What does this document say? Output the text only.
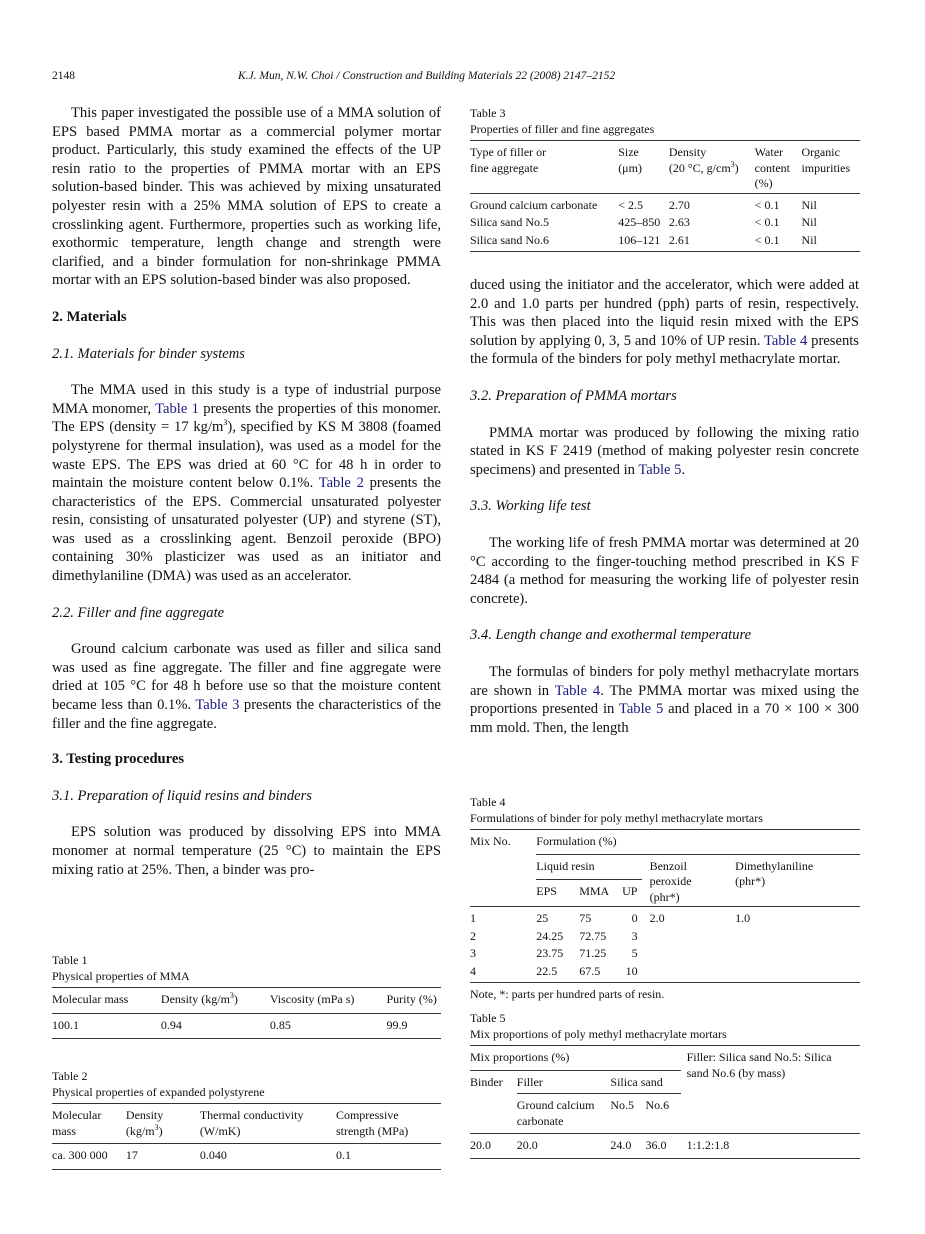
2148	K.J. Mun, N.W. Choi / Construction and Building Materials 22 (2008) 2147–2152

This paper investigated the possible use of a MMA solution of EPS based PMMA mortar as a commercial polymer mortar product. Particularly, this study examined the effects of the UP resin ratio to the properties of PMMA mortar with an EPS solution-based binder. This was achieved by mixing unsaturated polyester resin with a 25% MMA solution of EPS to create a crosslinking agent. Furthermore, properties such as working life, exothormic temperature, length change and strength were clarified, and a binder formulation for non-shrinkage PMMA mortar with an EPS solution-based binder was also proposed.

2. Materials
2.1. Materials for binder systems

The MMA used in this study is a type of industrial purpose MMA monomer, Table 1 presents the properties of this monomer. The EPS (density = 17 $kg/m^3$), specified by KS M 3808 (foamed polystyrene for thermal insulation), was used as a model for the waste EPS. The EPS was dried at 60 °C for 48 h in order to maintain the moisture content below 0.1%. Table 2 presents the characteristics of the EPS. Commercial unsaturated polyester resin, consisting of unsaturated polyester (UP) and styrene (ST), was used as a crosslinking agent. Benzoil peroxide (BPO) containing 30% plasticizer was used as an initiator and dimethylaniline (DMA) was used as an accelerator.

2.2. Filler and fine aggregate

Ground calcium carbonate was used as filler and silica sand was used as fine aggregate. The filler and fine aggregate were dried at 105 °C for 48 h before use so that the moisture content became less than 0.1%. Table 3 presents the characteristics of the filler and the fine aggregate.

3. Testing procedures
3.1. Preparation of liquid resins and binders

EPS solution was produced by dissolving EPS into MMA monomer at normal temperature (25 °C) to maintain the EPS mixing ratio at 25%. Then, a binder was pro-

duced using the initiator and the accelerator, which were added at 2.0 and 1.0 parts per hundred (pph) parts of resin, respectively. This was then placed into the liquid resin mixed with the EPS solution by applying 0, 3, 5 and 10% of UP resin. Table 4 presents the formula of the binders for poly methyl methacrylate mortar.

3.2. Preparation of PMMA mortars

PMMA mortar was produced by following the mixing ratio stated in KS F 2419 (method of making polyester resin concrete specimens) and presented in Table 5.

3.3. Working life test

The working life of fresh PMMA mortar was determined at 20 °C according to the finger-touching method prescribed in KS F 2484 (a method for measuring the working life of polyester resin concrete).

3.4. Length change and exothermal temperature

The formulas of binders for poly methyl methacrylate mortars are shown in Table 4. The PMMA mortar was mixed using the proportions presented in Table 5 and placed in a 70 × 100 × 300 mm mold. Then, the length

Table 1

Physical properties of MMA

Molecular mass	Density $(kg/m^3)$	Viscosity (mPa s)	Purity (%)
100.1	0.94	0.85	99.9

Table 2

Physical properties of expanded polystyrene

Molecular
mass	Density
$(kg/m^3)$	Thermal conductivity
(W/mK)	Compressive
strength (MPa)
ca. 300 000	17	0.040	0.1

Table 3

Properties of filler and fine aggregates

Type of filler or
fine aggregate	Size
(μm)	Density
(20 °C, $g/cm^3$)	Water
content
(%)	Organic
impurities
Ground calcium carbonate	< 2.5	2.70	< 0.1	Nil
Silica sand No.5	425–850	2.63	< 0.1	Nil
Silica sand No.6	106–121	2.61	< 0.1	Nil

Table 4

Formulations of binder for poly methyl methacrylate mortars

Mix No.	Formulation (%)				
	Liquid resin			Benzoil peroxide
(phr*)	Dimethylaniline
(phr*)
	EPS	MMA	UP		
1	25	75	0	2.0	1.0
2	24.25	72.75	3		
3	23.75	71.25	5		
4	22.5	67.5	10		

Note, *: parts per hundred parts of resin.

Table 5

Mix proportions of poly methyl methacrylate mortars

Mix proportions (%)				Filler: Silica sand No.5: Silica sand No.6 (by mass)
Binder	Filler	Silica sand		
	Ground calcium carbonate	No.5	No.6	
20.0	20.0	24.0	36.0	1:1.2:1.8
